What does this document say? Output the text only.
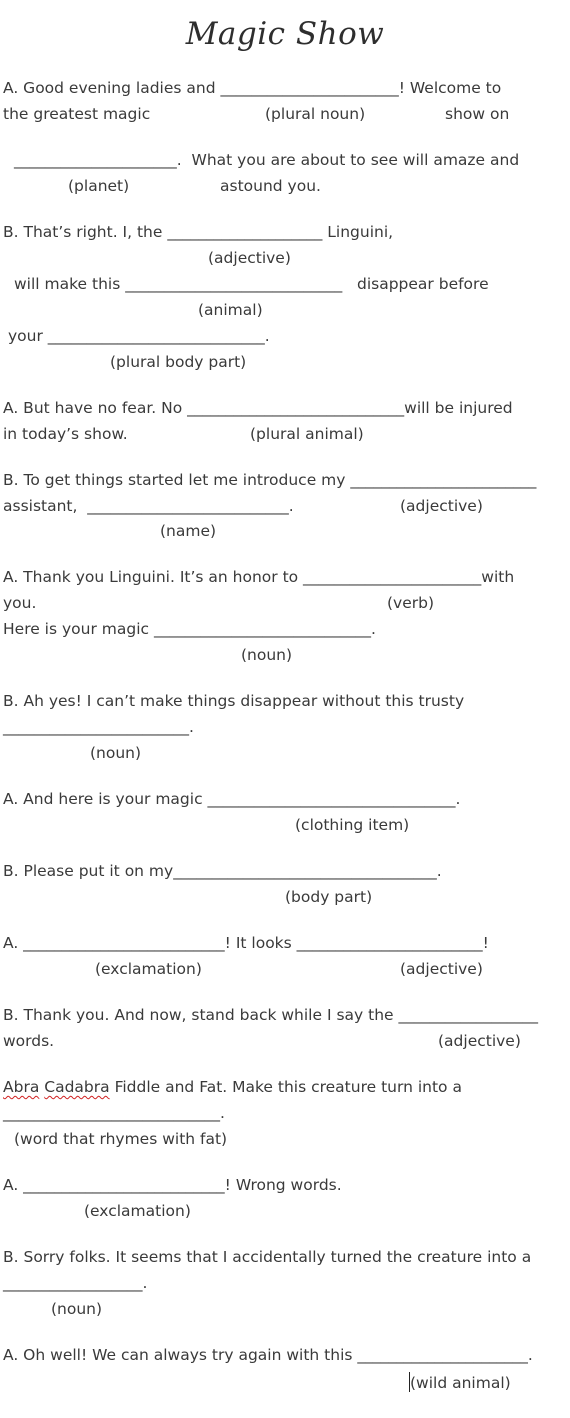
Magic Show
A. Good evening ladies and _______________________! Welcome to
the greatest magic	(plural noun)	show on
_____________________.  What you are about to see will amaze and
(planet)	astound you.
B. That’s right. I, the ____________________ Linguini,
(adjective)
will make this ____________________________   disappear before
(animal)
your ____________________________.
(plural body part)
A. But have no fear. No ____________________________will be injured
in today’s show.	(plural animal)
B. To get things started let me introduce my ________________________
assistant,  __________________________.	(adjective)
(name)
A. Thank you Linguini. It’s an honor to _______________________with
you.	(verb)
Here is your magic ____________________________.
(noun)
B. Ah yes! I can’t make things disappear without this trusty
________________________.
(noun)
A. And here is your magic ________________________________.
(clothing item)
B. Please put it on my__________________________________.
(body part)
A. __________________________! It looks ________________________!
(exclamation)	(adjective)
B. Thank you. And now, stand back while I say the __________________
words.	(adjective)
(word that rhymes with fat)
A. __________________________! Wrong words.
(exclamation)
B. Sorry folks. It seems that I accidentally turned the creature into a
__________________.
(noun)
A. Oh well! We can always try again with this ______________________.
(wild animal)
Abra Cadabra Fiddle and Fat. Make this creature turn into a
____________________________.
